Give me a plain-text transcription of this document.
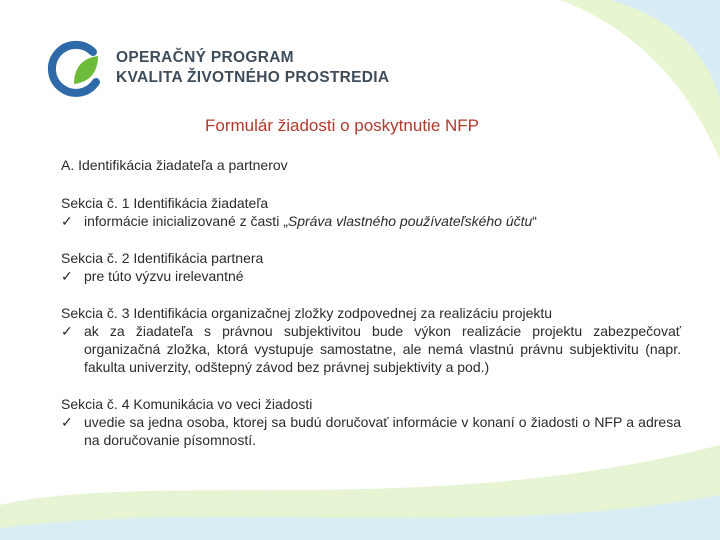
OPERAČNÝ PROGRAM
KVALITA ŽIVOTNÉHO PROSTREDIA
Formulár žiadosti o poskytnutie NFP

A. Identifikácia žiadateľa a partnerov

Sekcia č. 1 Identifikácia žiadateľa

✓ informácie inicializované z časti „Správa vlastného používateľského účtu“

Sekcia č. 2 Identifikácia partnera

✓ pre túto výzvu irelevantné

Sekcia č. 3 Identifikácia organizačnej zložky zodpovednej za realizáciu projektu

✓ ak za žiadateľa s právnou subjektivitou bude výkon realizácie projektu zabezpečovať organizačná zložka, ktorá vystupuje samostatne, ale nemá vlastnú právnu subjektivitu (napr. fakulta univerzity, odštepný závod bez právnej subjektivity a pod.)

Sekcia č. 4 Komunikácia vo veci žiadosti

✓ uvedie sa jedna osoba, ktorej sa budú doručovať informácie v konaní o žiadosti o NFP a adresa na doručovanie písomností.
